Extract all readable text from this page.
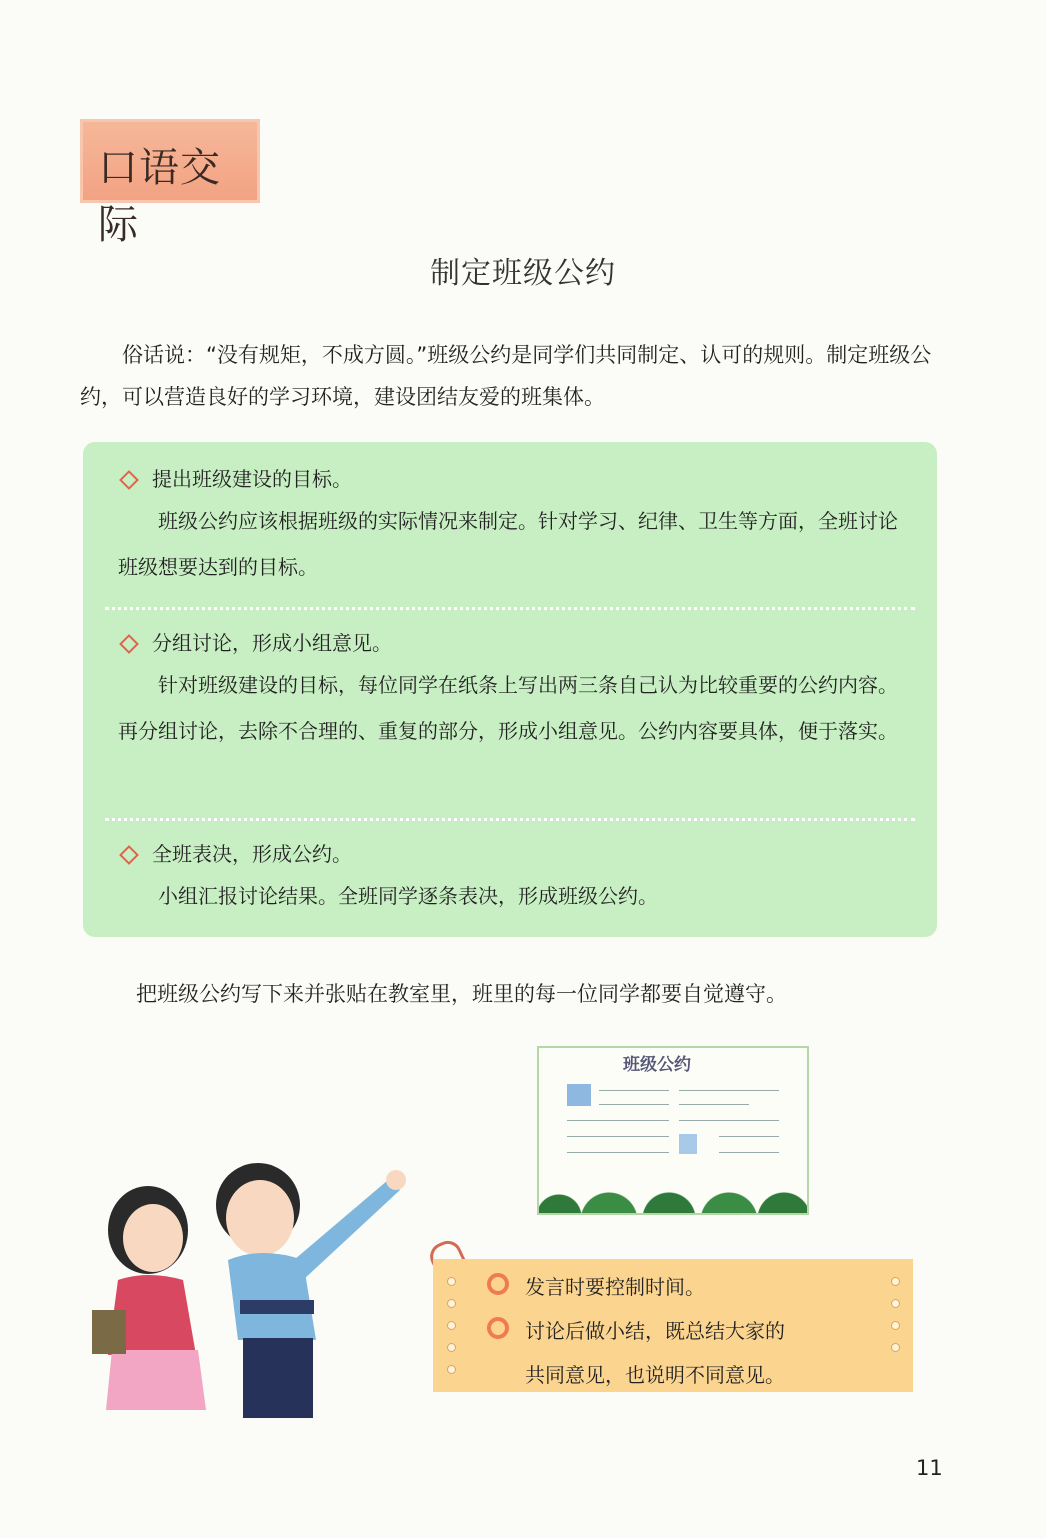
口语交际
制定班级公约
俗话说：“没有规矩，不成方圆。”班级公约是同学们共同制定、认可的规则。制定班级公约，可以营造良好的学习环境，建设团结友爱的班集体。
提出班级建设的目标。
班级公约应该根据班级的实际情况来制定。针对学习、纪律、卫生等方面，全班讨论班级想要达到的目标。
分组讨论，形成小组意见。
针对班级建设的目标，每位同学在纸条上写出两三条自己认为比较重要的公约内容。再分组讨论，去除不合理的、重复的部分，形成小组意见。公约内容要具体，便于落实。
全班表决，形成公约。
小组汇报讨论结果。全班同学逐条表决，形成班级公约。
把班级公约写下来并张贴在教室里，班里的每一位同学都要自觉遵守。
班级公约
发言时要控制时间。
讨论后做小结，既总结大家的
共同意见，也说明不同意见。
11
